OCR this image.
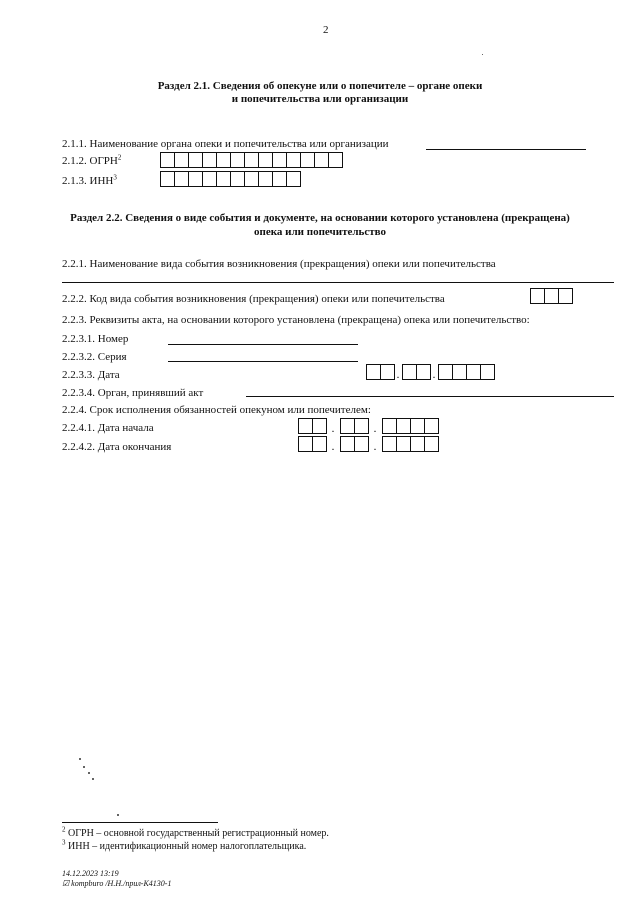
2
Раздел 2.1. Сведения об опекуне или о попечителе – органе опеки
и попечительства или организации
2.1.1. Наименование органа опеки и попечительства или организации
2.1.2. ОГРН$^2$
2.1.3. ИНН$^3$
Раздел 2.2. Сведения о виде события и документе, на основании которого установлена (прекращена)
опека или попечительство
2.2.1. Наименование вида события возникновения (прекращения) опеки или попечительства
2.2.2. Код вида события возникновения (прекращения) опеки или попечительства
2.2.3. Реквизиты акта, на основании которого установлена (прекращена) опека или попечительство:
2.2.3.1. Номер
2.2.3.2. Серия
2.2.3.3. Дата	.	.
2.2.3.4. Орган, принявший акт
2.2.4. Срок исполнения обязанностей опекуном или попечителем:
2.2.4.1. Дата начала	.	.
2.2.4.2. Дата окончания	.	.
$^2$ ОГРН – основной государственный регистрационный номер.
$^3$ ИНН – идентификационный номер налогоплательщика.
14.12.2023 13:19
☑ kompburo /Н.Н./прил-К4130-1
